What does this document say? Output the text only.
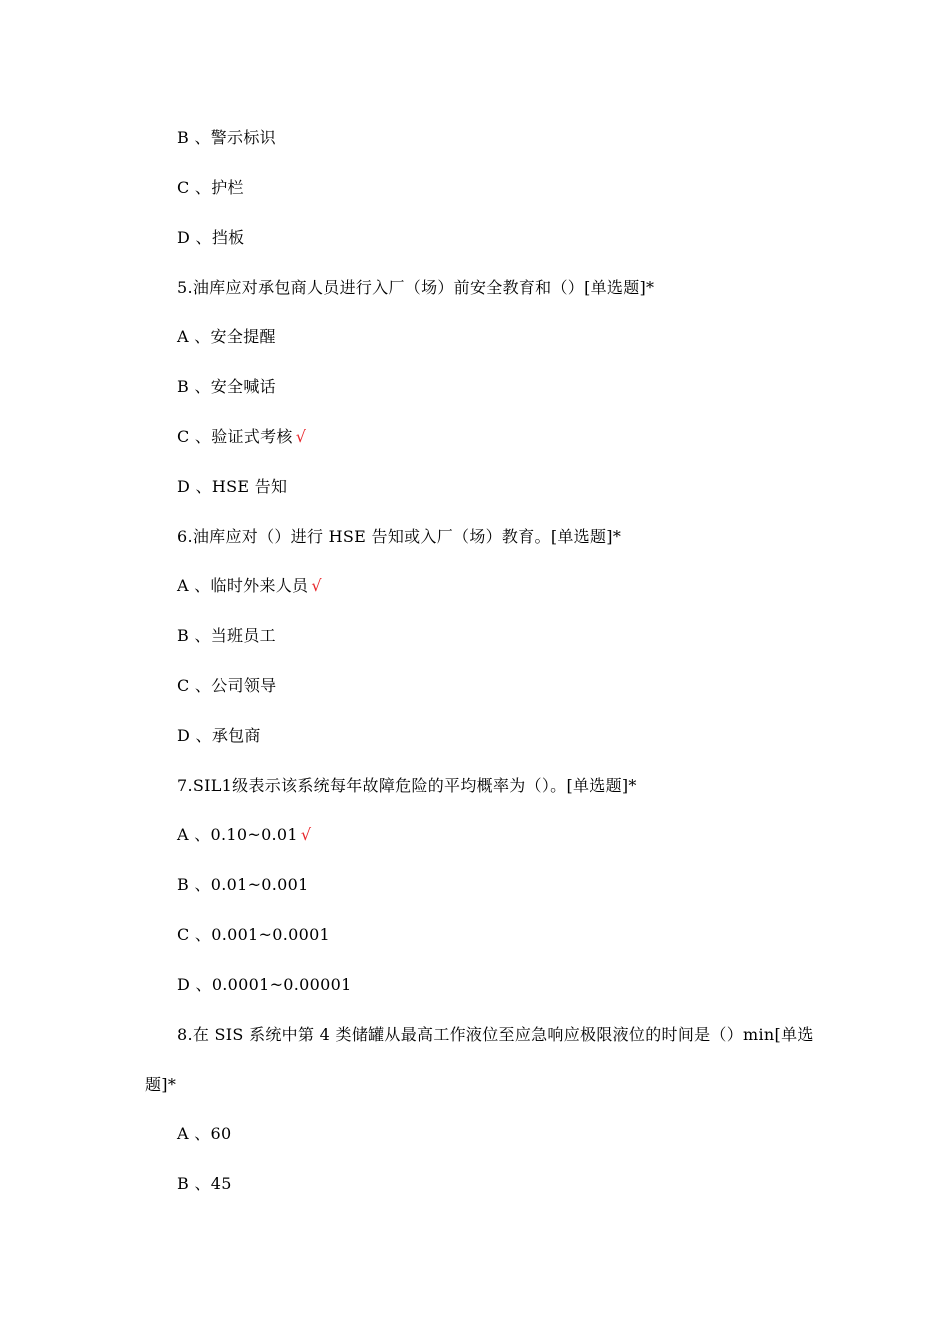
B 、警示标识
C 、护栏
D 、挡板
5.油库应对承包商人员进行入厂（场）前安全教育和（）[单选题]*
A 、安全提醒
B 、安全喊话
C 、验证式考核 √
D 、HSE 告知
6.油库应对（）进行 HSE 告知或入厂（场）教育。[单选题]*
A 、临时外来人员 √
B 、当班员工
C 、公司领导
D 、承包商
7.SIL1级表示该系统每年故障危险的平均概率为（）。[单选题]*
A 、0.10~0.01 √
B 、0.01~0.001
C 、0.001~0.0001
D 、0.0001~0.00001
8.在 SIS 系统中第 4 类储罐从最高工作液位至应急响应极限液位的时间是（）min[单选
题]*
A 、60
B 、45
